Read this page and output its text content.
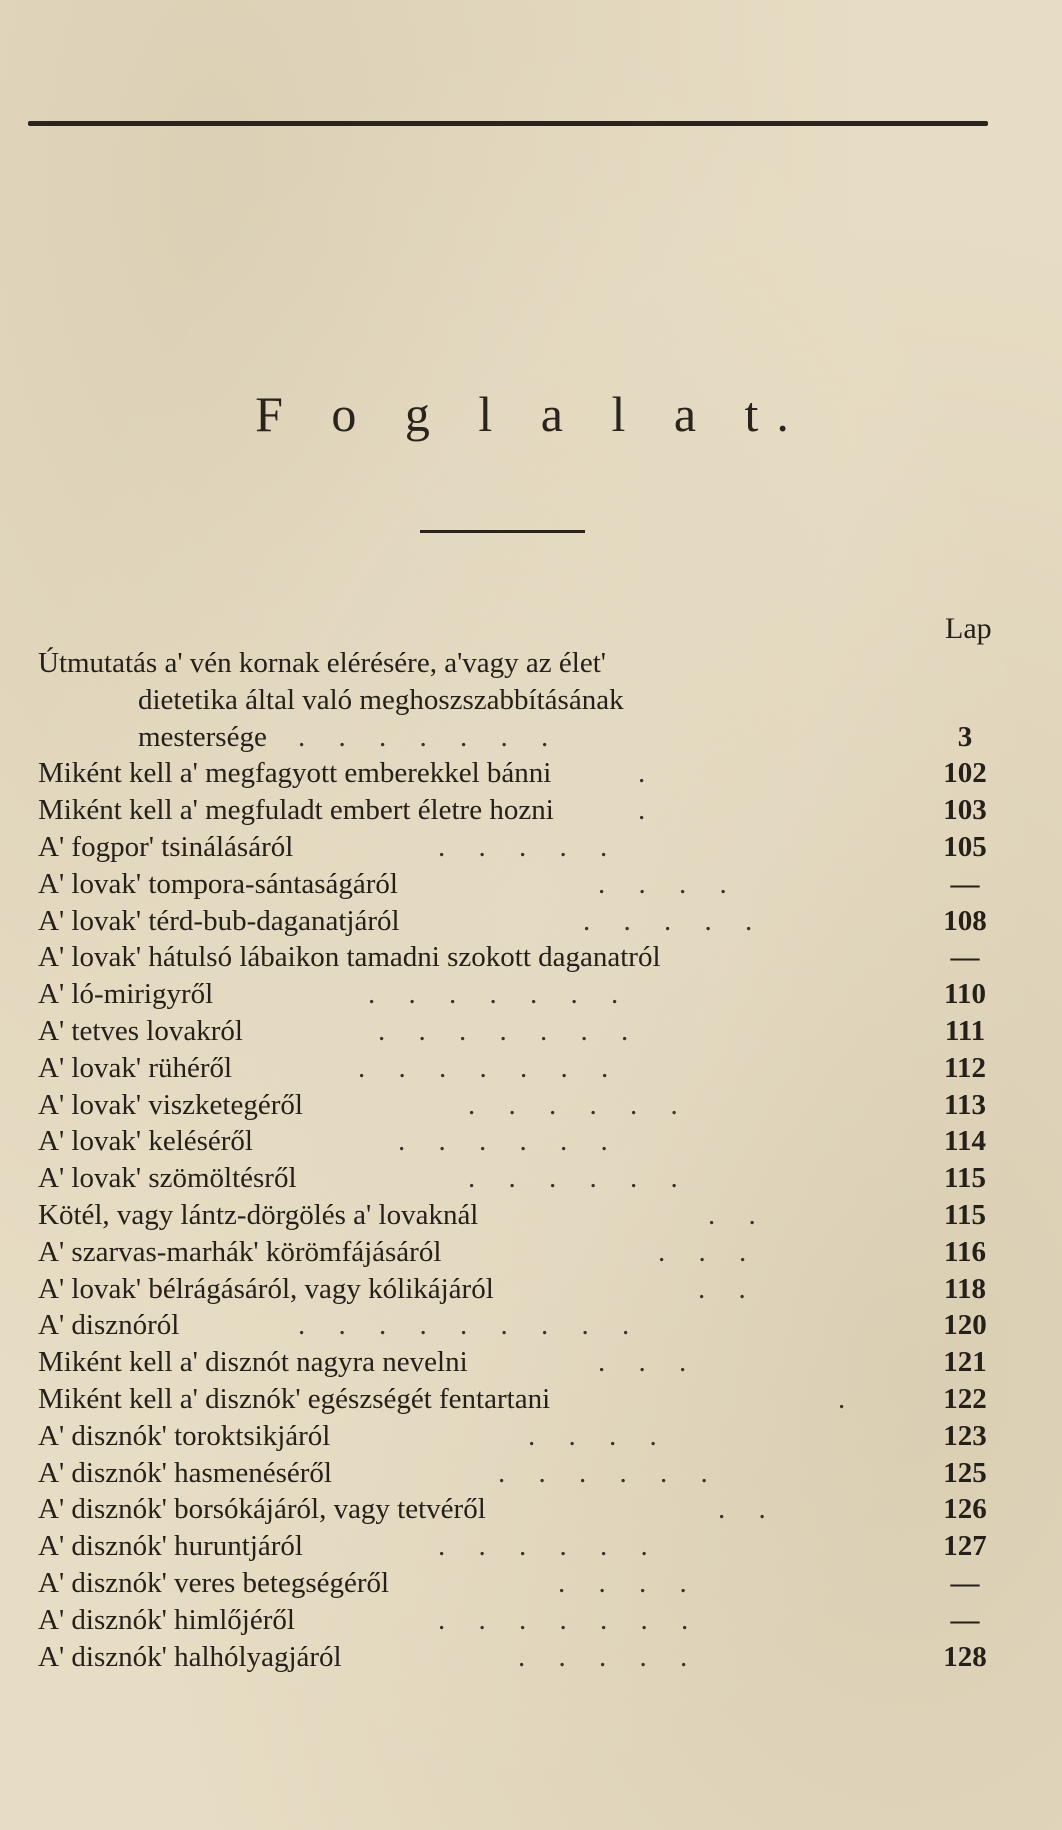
F o g l a l a t.
Lap
Útmutatás a' vén kornak elérésére, a'vagy az élet'
dietetika által való meghoszszabbításának
mestersége . . . . . . .	3
Miként kell a' megfagyott emberekkel bánni	.	102
Miként kell a' megfuladt embert életre hozni	.	103
A' fogpor' tsinálásáról	. . . . .	105
A' lovak' tompora-sántaságáról	. . . .	—
A' lovak' térd-bub-daganatjáról	. . . . .	108
A' lovak' hátulsó lábaikon tamadni szokott daganatról	—
A' ló-mirigyről	. . . . . . .	110
A' tetves lovakról	. . . . . . .	111
A' lovak' rühéről	. . . . . . .	112
A' lovak' viszketegéről	. . . . . .	113
A' lovak' keléséről	. . . . . .	114
A' lovak' szömöltésről	. . . . . .	115
Kötél, vagy lántz-dörgölés a' lovaknál	. .	115
A' szarvas-marhák' körömfájásáról	. . .	116
A' lovak' bélrágásáról, vagy kólikájáról	. .	118
A' disznóról	. . . . . . . . .	120
Miként kell a' disznót nagyra nevelni	. . .	121
Miként kell a' disznók' egészségét fentartani	.	122
A' disznók' toroktsikjáról	. . . .	123
A' disznók' hasmenéséről	. . . . . .	125
A' disznók' borsókájáról, vagy tetvéről	. .	126
A' disznók' huruntjáról	. . . . . .	127
A' disznók' veres betegségéről	. . . .	—
A' disznók' himlőjéről	. . . . . . .	—
A' disznók' halhólyagjáról	. . . . .	128
